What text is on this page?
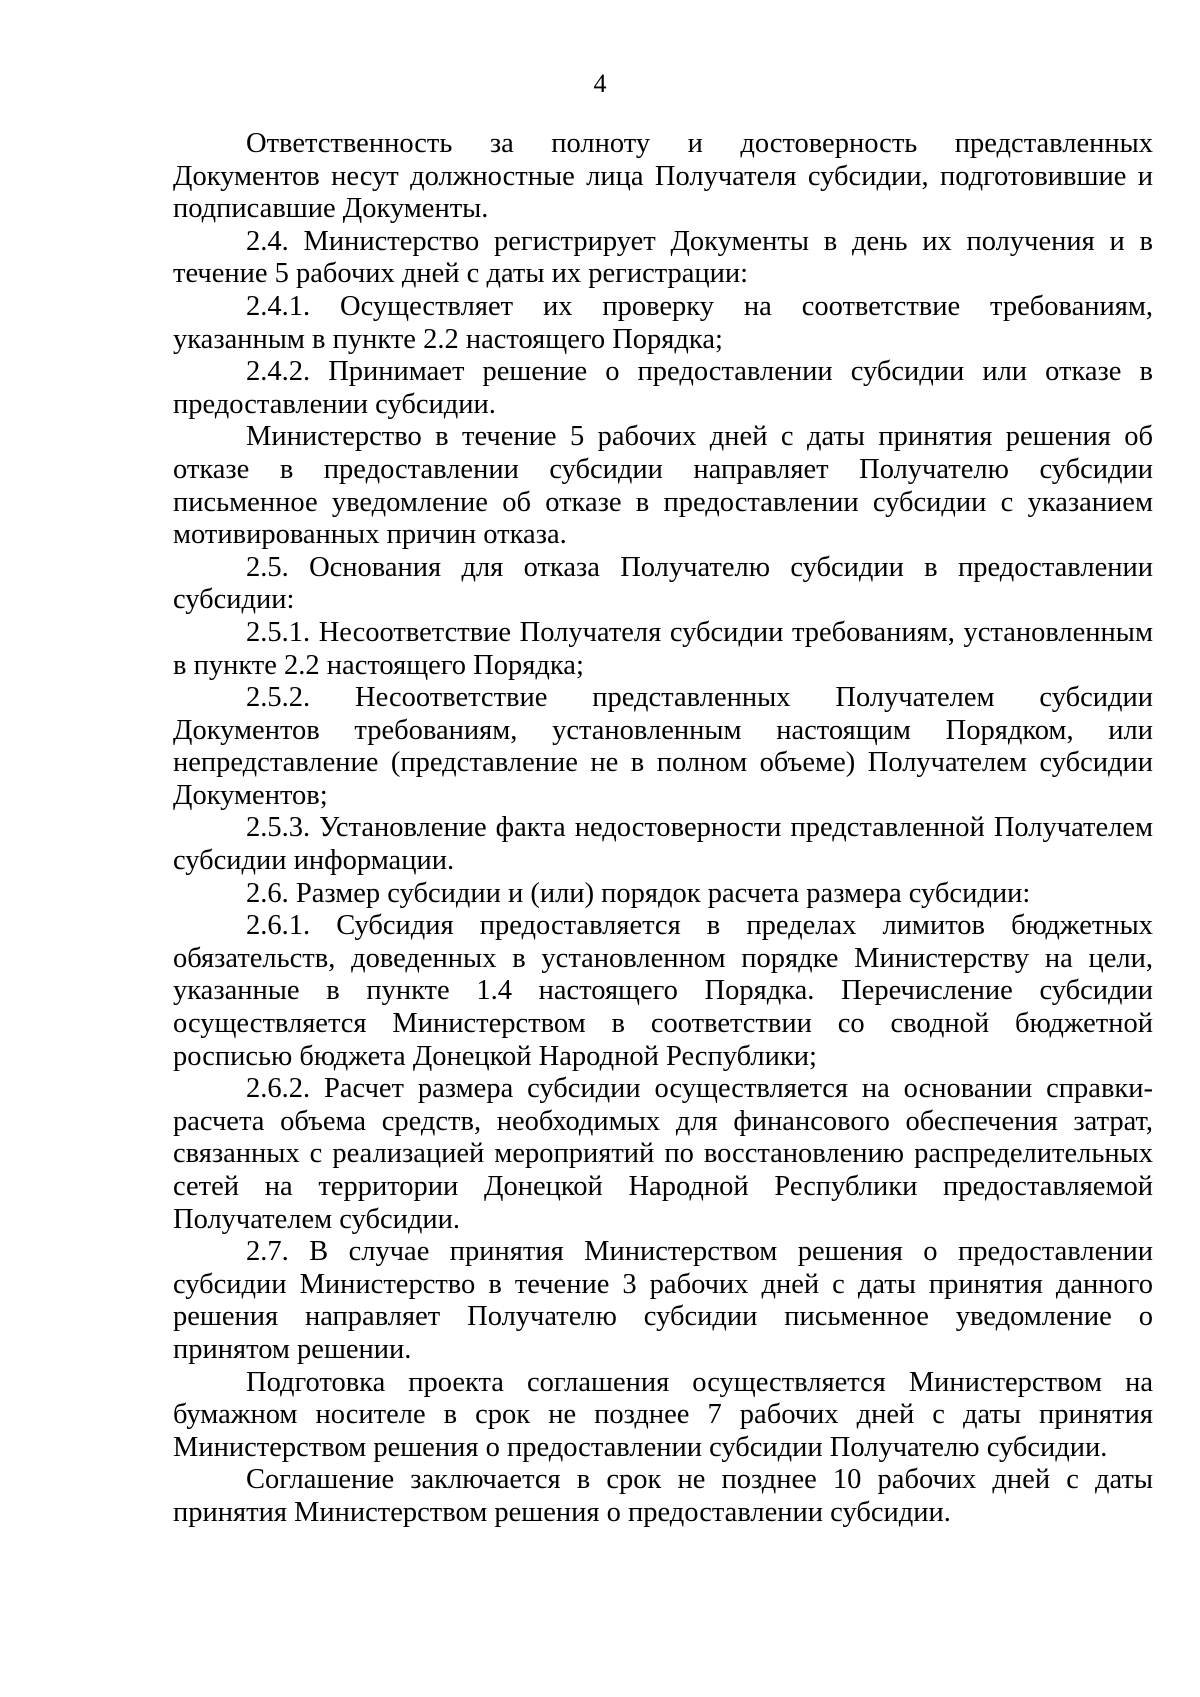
4

Ответственность за полноту и достоверность представленных Документов несут должностные лица Получателя субсидии, подготовившие и подписавшие Документы.

2.4. Министерство регистрирует Документы в день их получения и в течение 5 рабочих дней с даты их регистрации:

2.4.1. Осуществляет их проверку на соответствие требованиям, указанным в пункте 2.2 настоящего Порядка;

2.4.2. Принимает решение о предоставлении субсидии или отказе в предоставлении субсидии.

Министерство в течение 5 рабочих дней с даты принятия решения об отказе в предоставлении субсидии направляет Получателю субсидии письменное уведомление об отказе в предоставлении субсидии с указанием мотивированных причин отказа.

2.5. Основания для отказа Получателю субсидии в предоставлении субсидии:

2.5.1. Несоответствие Получателя субсидии требованиям, установленным в пункте 2.2 настоящего Порядка;

2.5.2. Несоответствие представленных Получателем субсидии Документов требованиям, установленным настоящим Порядком, или непредставление (представление не в полном объеме) Получателем субсидии Документов;

2.5.3. Установление факта недостоверности представленной Получателем субсидии информации.

2.6. Размер субсидии и (или) порядок расчета размера субсидии:

2.6.1. Субсидия предоставляется в пределах лимитов бюджетных обязательств, доведенных в установленном порядке Министерству на цели, указанные в пункте 1.4 настоящего Порядка. Перечисление субсидии осуществляется Министерством в соответствии со сводной бюджетной росписью бюджета Донецкой Народной Республики;

2.6.2. Расчет размера субсидии осуществляется на основании справки-расчета объема средств, необходимых для финансового обеспечения затрат, связанных с реализацией мероприятий по восстановлению распределительных сетей на территории Донецкой Народной Республики предоставляемой Получателем субсидии.

2.7. В случае принятия Министерством решения о предоставлении субсидии Министерство в течение 3 рабочих дней с даты принятия данного решения направляет Получателю субсидии письменное уведомление о принятом решении.

Подготовка проекта соглашения осуществляется Министерством на бумажном носителе в срок не позднее 7 рабочих дней с даты принятия Министерством решения о предоставлении субсидии Получателю субсидии.

Соглашение заключается в срок не позднее 10 рабочих дней с даты принятия Министерством решения о предоставлении субсидии.
